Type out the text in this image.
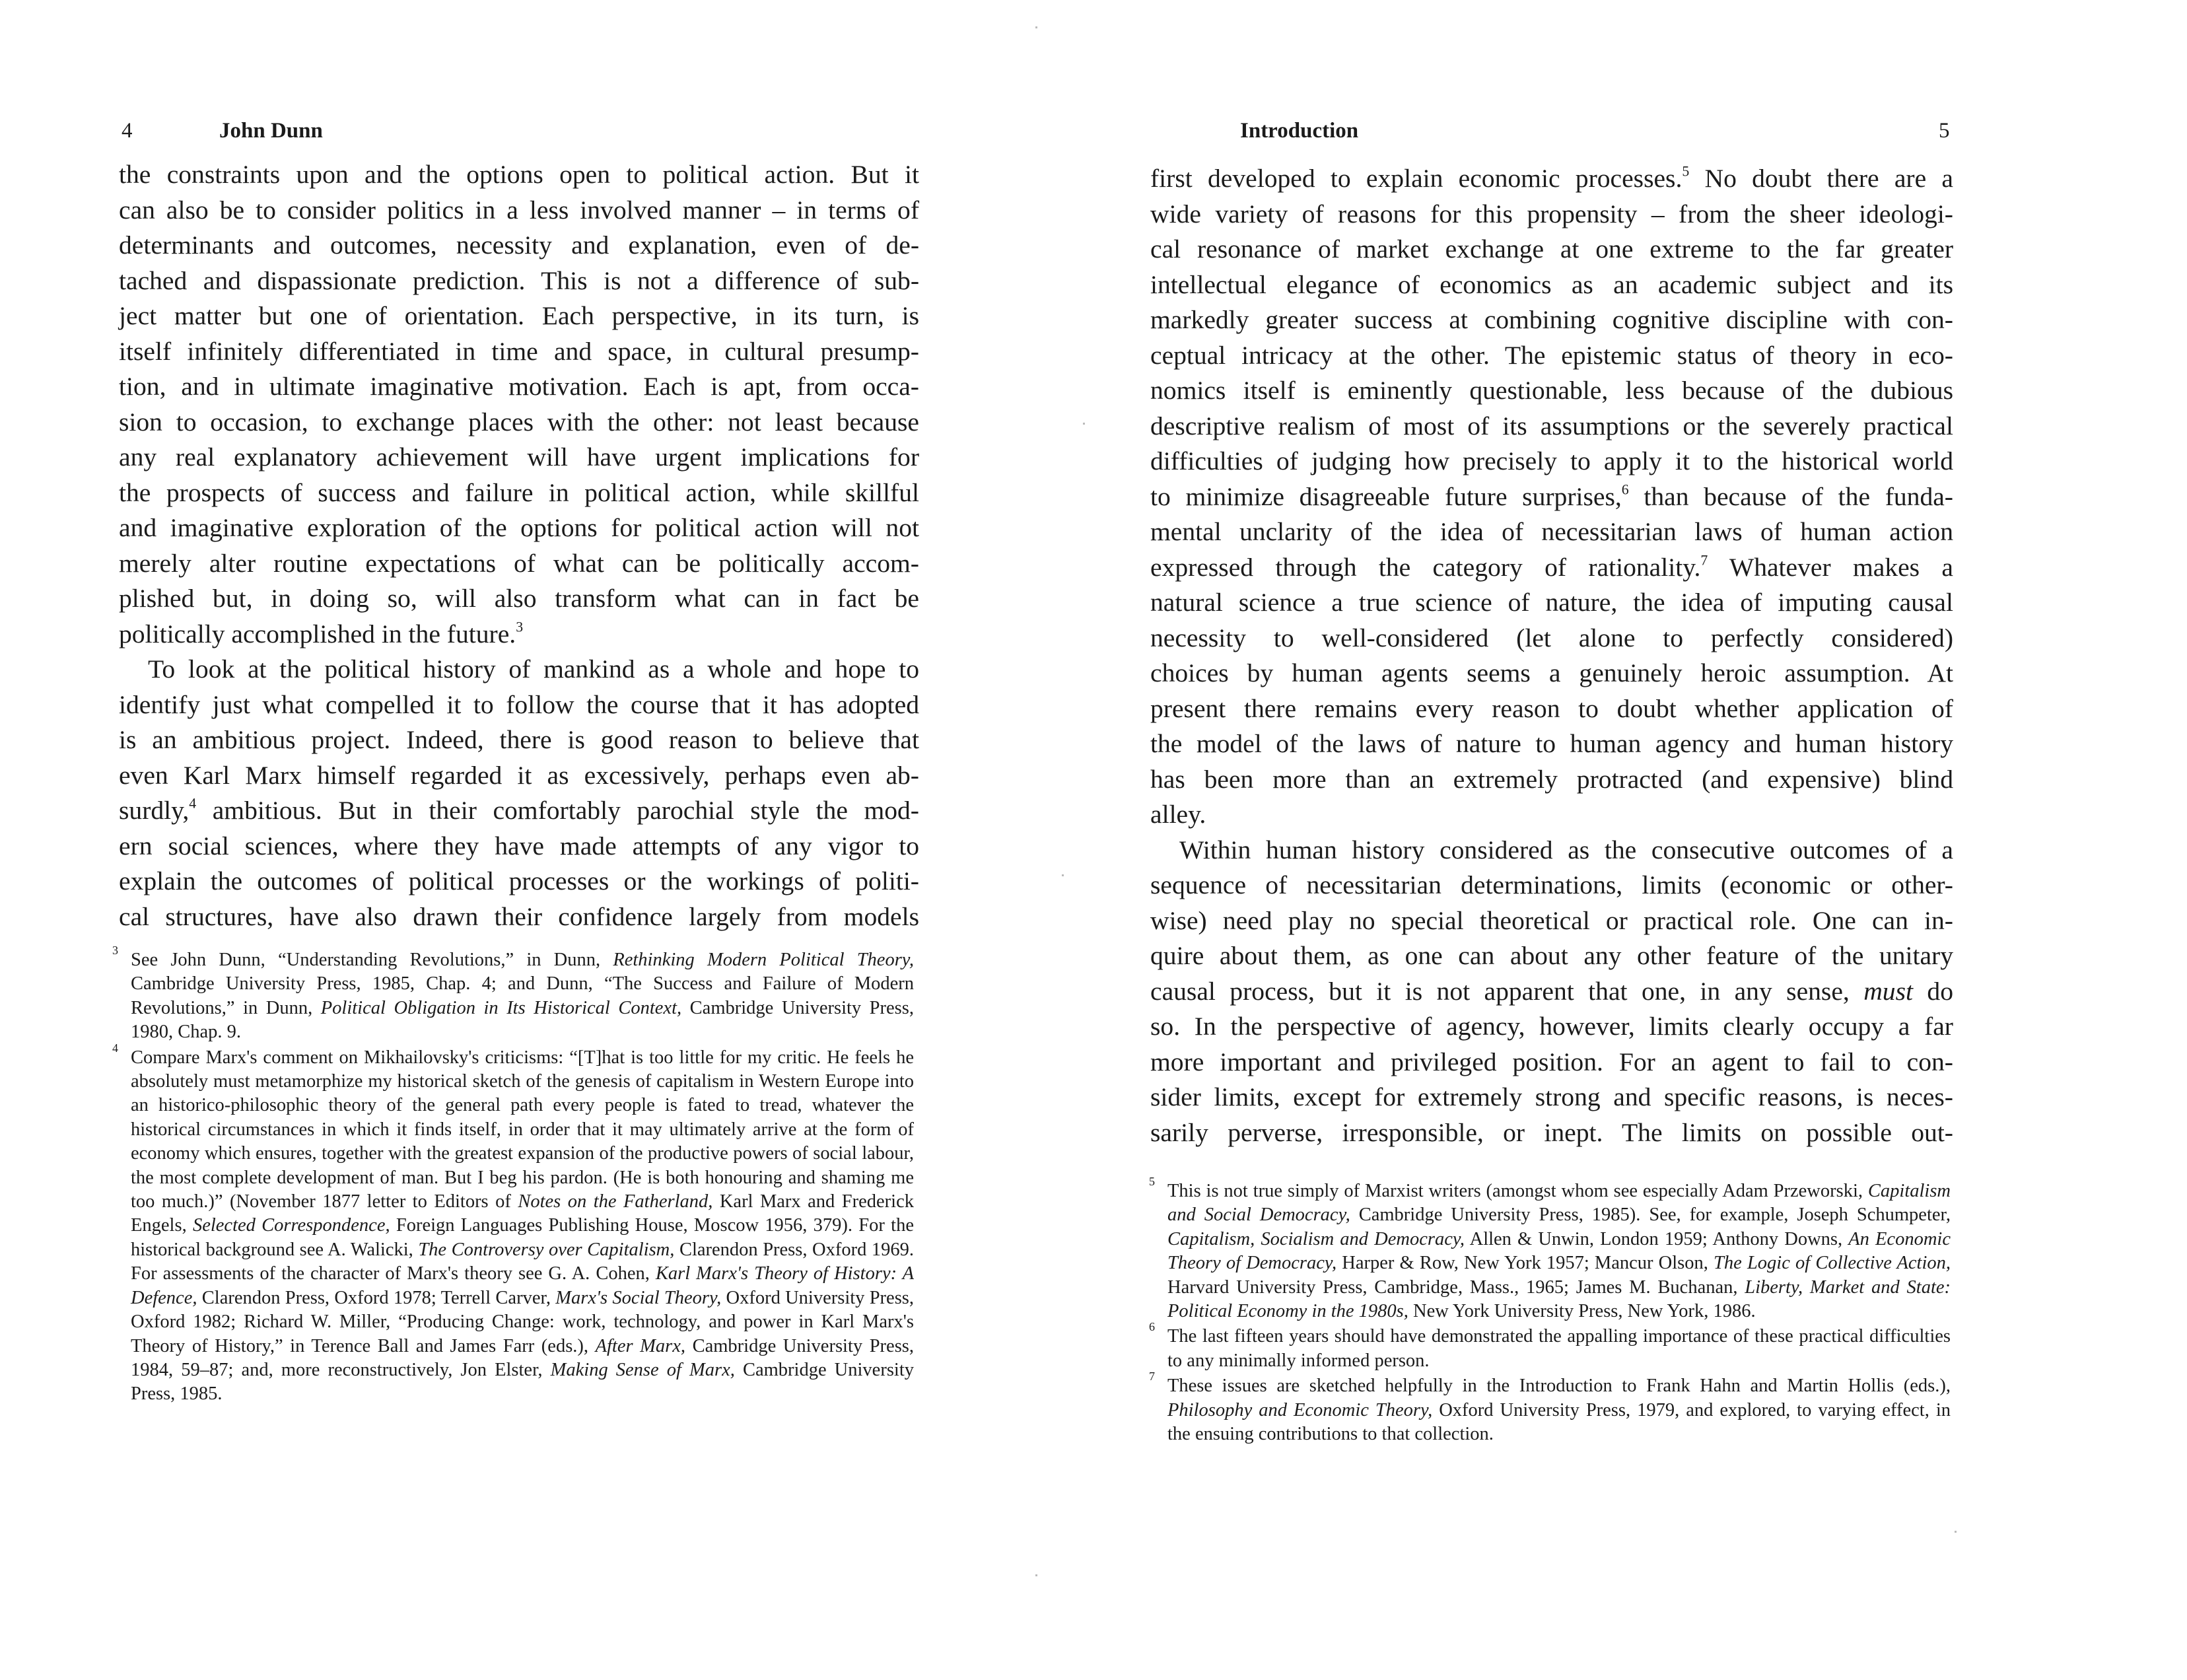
4	John Dunn

the constraints upon and the options open to political action. But it
can also be to consider politics in a less involved manner – in terms of
determinants and outcomes, necessity and explanation, even of de-
tached and dispassionate prediction. This is not a difference of sub-
ject matter but one of orientation. Each perspective, in its turn, is
itself infinitely differentiated in time and space, in cultural presump-
tion, and in ultimate imaginative motivation. Each is apt, from occa-
sion to occasion, to exchange places with the other: not least because
any real explanatory achievement will have urgent implications for
the prospects of success and failure in political action, while skillful
and imaginative exploration of the options for political action will not
merely alter routine expectations of what can be politically accom-
plished but, in doing so, will also transform what can in fact be
politically accomplished in the future.$^3$

To look at the political history of mankind as a whole and hope to
identify just what compelled it to follow the course that it has adopted
is an ambitious project. Indeed, there is good reason to believe that
even Karl Marx himself regarded it as excessively, perhaps even ab-
surdly,$^4$ ambitious. But in their comfortably parochial style the mod-
ern social sciences, where they have made attempts of any vigor to
explain the outcomes of political processes or the workings of politi-
cal structures, have also drawn their confidence largely from models

3 See John Dunn, “Understanding Revolutions,” in Dunn, Rethinking Modern Political Theory, Cambridge University Press, 1985, Chap. 4; and Dunn, “The Success and Failure of Modern Revolutions,” in Dunn, Political Obligation in Its Historical Context, Cambridge University Press, 1980, Chap. 9.
4 Compare Marx's comment on Mikhailovsky's criticisms: “[T]hat is too little for my critic. He feels he absolutely must metamorphize my historical sketch of the genesis of capitalism in Western Europe into an historico-philosophic theory of the general path every people is fated to tread, whatever the historical circumstances in which it finds itself, in order that it may ultimately arrive at the form of economy which ensures, together with the greatest expansion of the productive powers of social labour, the most complete development of man. But I beg his pardon. (He is both honouring and shaming me too much.)” (November 1877 letter to Editors of Notes on the Fatherland, Karl Marx and Frederick Engels, Selected Correspondence, Foreign Languages Publishing House, Moscow 1956, 379). For the historical background see A. Walicki, The Controversy over Capitalism, Clarendon Press, Oxford 1969. For assessments of the character of Marx's theory see G. A. Cohen, Karl Marx's Theory of History: A Defence, Clarendon Press, Oxford 1978; Terrell Carver, Marx's Social Theory, Oxford University Press, Oxford 1982; Richard W. Miller, “Producing Change: work, technology, and power in Karl Marx's Theory of History,” in Terence Ball and James Farr (eds.), After Marx, Cambridge University Press, 1984, 59–87; and, more reconstructively, Jon Elster, Making Sense of Marx, Cambridge University Press, 1985.
Introduction	5

first developed to explain economic processes.$^5$ No doubt there are a
wide variety of reasons for this propensity – from the sheer ideologi-
cal resonance of market exchange at one extreme to the far greater
intellectual elegance of economics as an academic subject and its
markedly greater success at combining cognitive discipline with con-
ceptual intricacy at the other. The epistemic status of theory in eco-
nomics itself is eminently questionable, less because of the dubious
descriptive realism of most of its assumptions or the severely practical
difficulties of judging how precisely to apply it to the historical world
to minimize disagreeable future surprises,$^6$ than because of the funda-
mental unclarity of the idea of necessitarian laws of human action
expressed through the category of rationality.$^7$ Whatever makes a
natural science a true science of nature, the idea of imputing causal
necessity to well-considered (let alone to perfectly considered)
choices by human agents seems a genuinely heroic assumption. At
present there remains every reason to doubt whether application of
the model of the laws of nature to human agency and human history
has been more than an extremely protracted (and expensive) blind
alley.

Within human history considered as the consecutive outcomes of a
sequence of necessitarian determinations, limits (economic or other-
wise) need play no special theoretical or practical role. One can in-
quire about them, as one can about any other feature of the unitary
causal process, but it is not apparent that one, in any sense, must do
so. In the perspective of agency, however, limits clearly occupy a far
more important and privileged position. For an agent to fail to con-
sider limits, except for extremely strong and specific reasons, is neces-
sarily perverse, irresponsible, or inept. The limits on possible out-

5 This is not true simply of Marxist writers (amongst whom see especially Adam Przeworski, Capitalism and Social Democracy, Cambridge University Press, 1985). See, for example, Joseph Schumpeter, Capitalism, Socialism and Democracy, Allen & Unwin, London 1959; Anthony Downs, An Economic Theory of Democracy, Harper & Row, New York 1957; Mancur Olson, The Logic of Collective Action, Harvard University Press, Cambridge, Mass., 1965; James M. Buchanan, Liberty, Market and State: Political Economy in the 1980s, New York University Press, New York, 1986.
6 The last fifteen years should have demonstrated the appalling importance of these practical difficulties to any minimally informed person.
7 These issues are sketched helpfully in the Introduction to Frank Hahn and Martin Hollis (eds.), Philosophy and Economic Theory, Oxford University Press, 1979, and explored, to varying effect, in the ensuing contributions to that collection.
